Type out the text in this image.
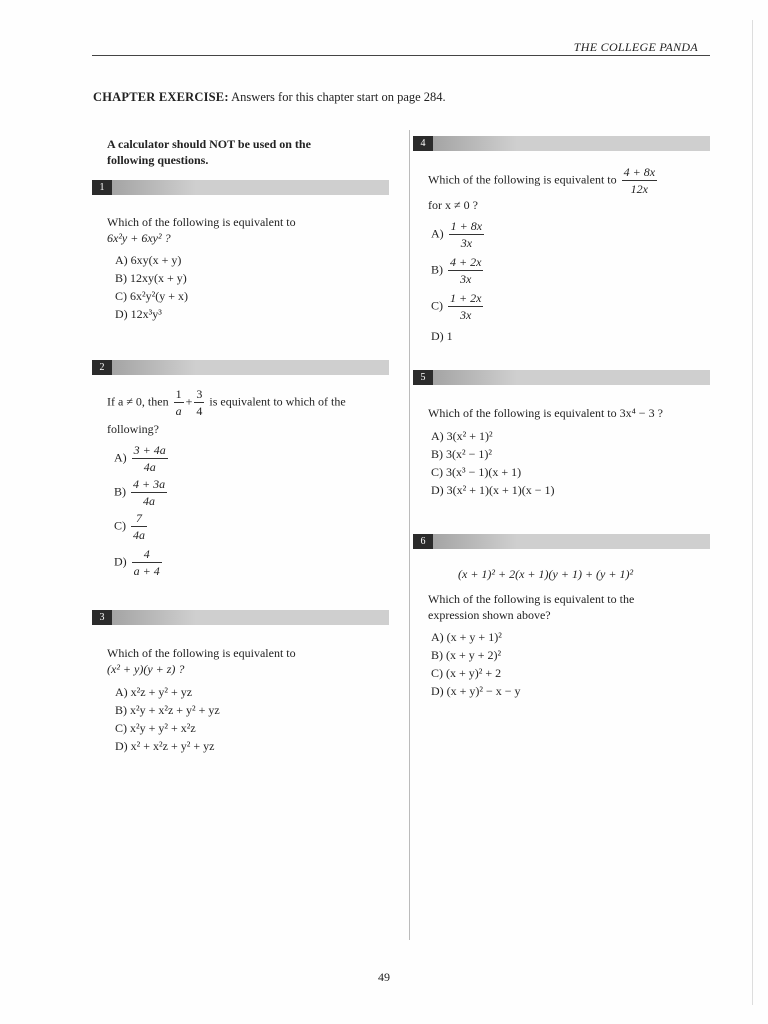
THE COLLEGE PANDA
CHAPTER EXERCISE: Answers for this chapter start on page 284.
A calculator should NOT be used on the following questions.
1
Which of the following is equivalent to
6x²y + 6xy² ?
A) 6xy(x + y)
B) 12xy(x + y)
C) 6x²y²(y + x)
D) 12x³y³
2
If a ≠ 0, then $\frac{1}{a} + \frac{3}{4}$ is equivalent to which of the
following?
$A) \frac{3 + 4a}{4a}$
$B) \frac{4 + 3a}{4a}$
$C) \frac{7}{4a}$
$D) \frac{4}{a + 4}$
3
Which of the following is equivalent to
(x² + y)(y + z) ?
A) x²z + y² + yz
B) x²y + x²z + y² + yz
C) x²y + y² + x²z
D) x² + x²z + y² + yz
4
Which of the following is equivalent to $\frac{4 + 8x}{12x}$
for x ≠ 0 ?
$A) \frac{1 + 8x}{3x}$
$B) \frac{4 + 2x}{3x}$
$C) \frac{1 + 2x}{3x}$
D) 1
5
Which of the following is equivalent to 3x⁴ − 3 ?
A) 3(x² + 1)²
B) 3(x² − 1)²
C) 3(x³ − 1)(x + 1)
D) 3(x² + 1)(x + 1)(x − 1)
6
(x + 1)² + 2(x + 1)(y + 1) + (y + 1)²
Which of the following is equivalent to the expression shown above?
A) (x + y + 1)²
B) (x + y + 2)²
C) (x + y)² + 2
D) (x + y)² − x − y
49
